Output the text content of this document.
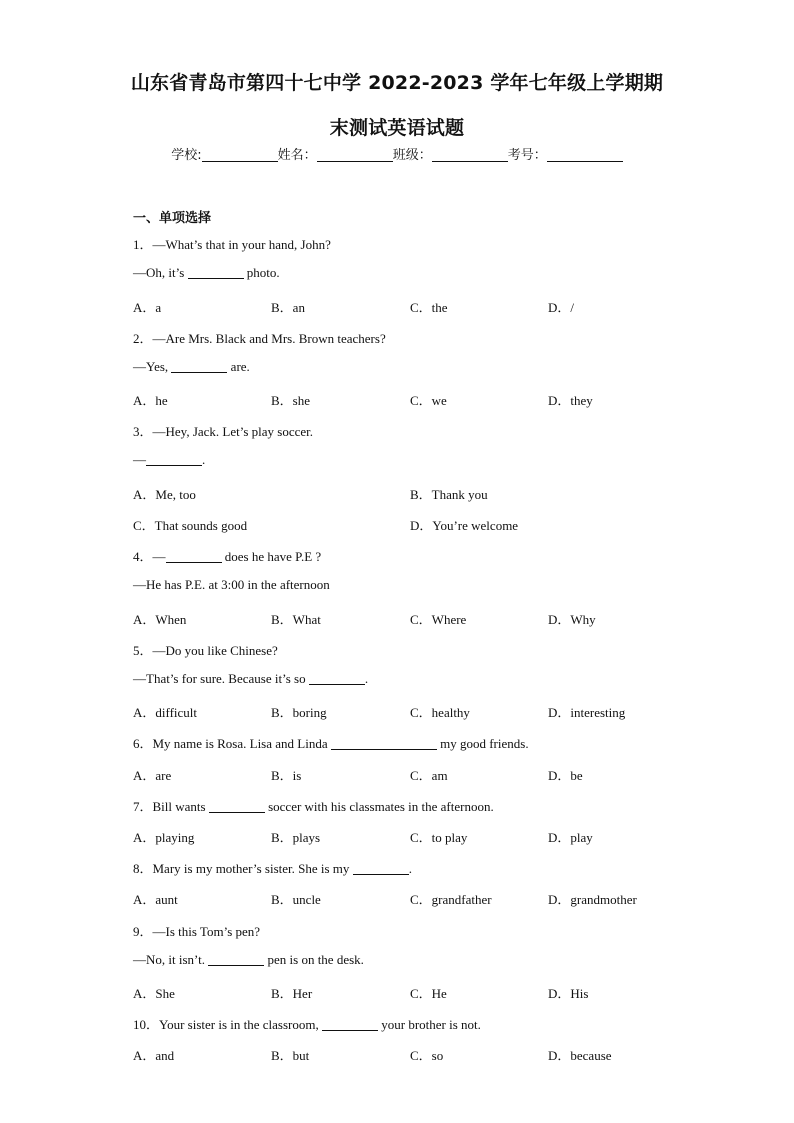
山东省青岛市第四十七中学 2022-2023 学年七年级上学期期
末测试英语试题
学校:	姓名：	班级：	考号：
一、单项选择
1．—What’s that in your hand, John?
—Oh, it’s	photo.
A．a	B．an	C．the	D．/
2．—Are Mrs. Black and Mrs. Brown teachers?
—Yes,	are.
A．he	B．she	C．we	D．they
3．—Hey, Jack. Let’s play soccer.
—	.
A．Me, too	B．Thank you
C．That sounds good	D．You’re welcome
4．—	does he have P.E ?
—He has P.E. at 3:00 in the afternoon
A．When	B．What	C．Where	D．Why
5．—Do you like Chinese?
—That’s for sure. Because it’s so	.
A．difficult	B．boring	C．healthy	D．interesting
6．My name is Rosa. Lisa and Linda	my good friends.
A．are	B．is	C．am	D．be
7．Bill wants	soccer with his classmates in the afternoon.
A．playing	B．plays	C．to play	D．play
8．Mary is my mother’s sister. She is my	.
A．aunt	B．uncle	C．grandfather	D．grandmother
9．—Is this Tom’s pen?
—No, it isn’t.	pen is on the desk.
A．She	B．Her	C．He	D．His
10．Your sister is in the classroom,	your brother is not.
A．and	B．but	C．so	D．because
